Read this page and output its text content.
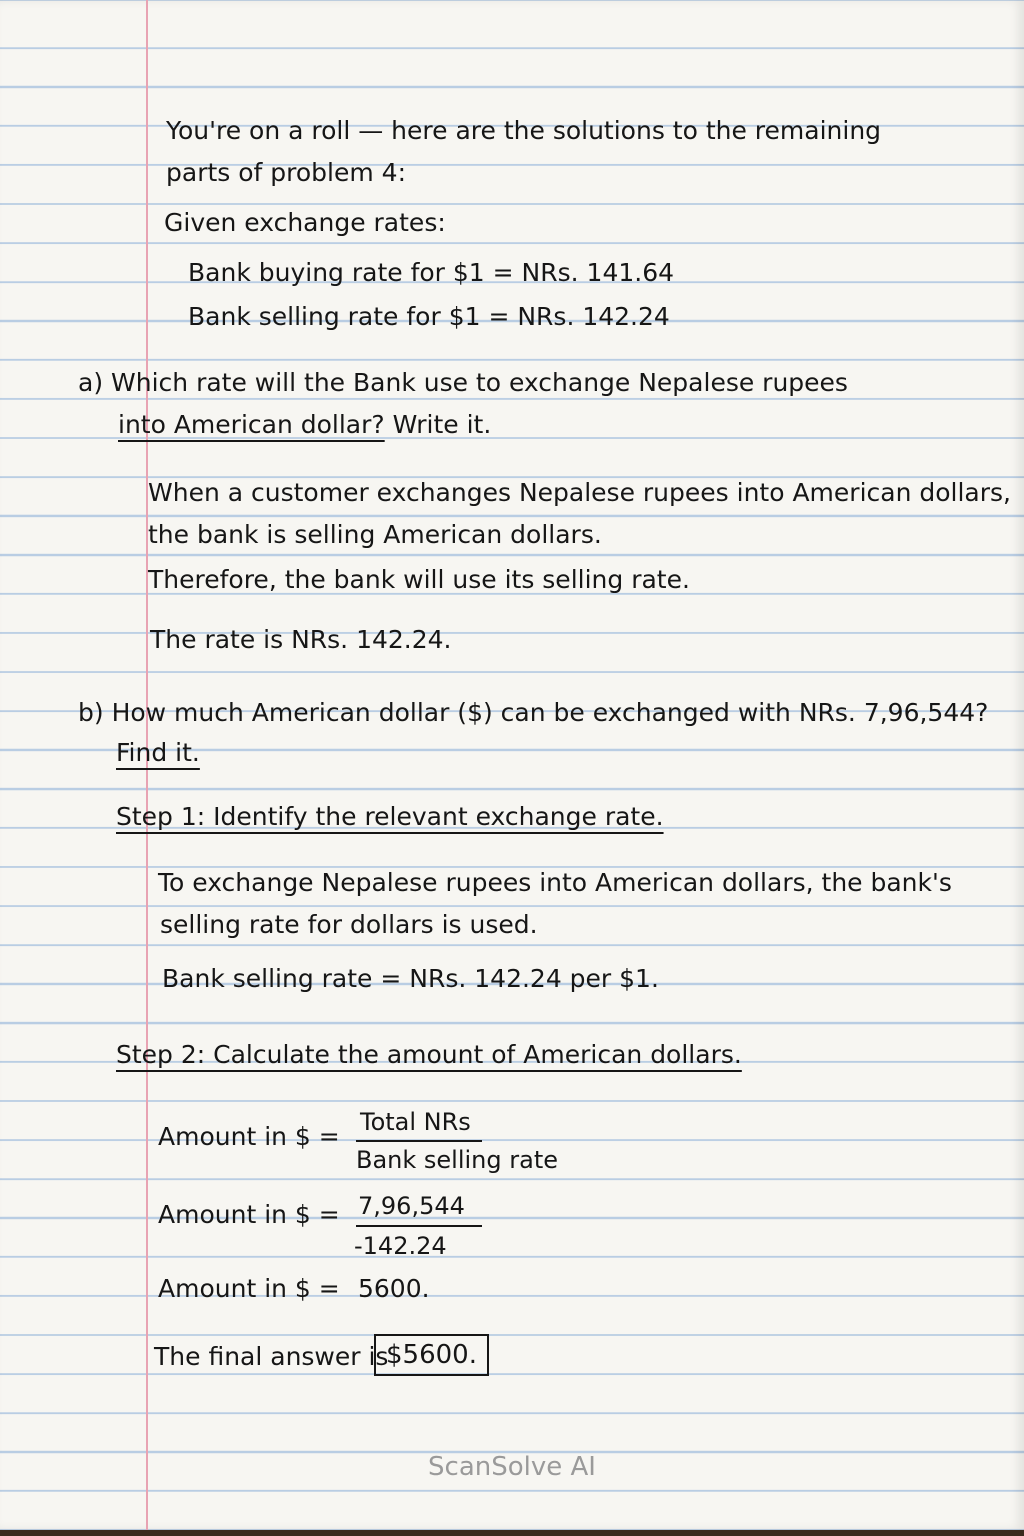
You're on a roll — here are the solutions to the remaining
parts of problem 4:
Given exchange rates:
Bank buying rate for $1 = NRs. 141.64
Bank selling rate for $1 = NRs. 142.24
a) Which rate will the Bank use to exchange Nepalese rupees
into American dollar? Write it.
When a customer exchanges Nepalese rupees into American dollars,
the bank is selling American dollars.
Therefore, the bank will use its selling rate.
The rate is NRs. 142.24.
b) How much American dollar ($) can be exchanged with NRs. 7,96,544?
Find it.
Step 1: Identify the relevant exchange rate.
To exchange Nepalese rupees into American dollars, the bank's
selling rate for dollars is used.
Bank selling rate = NRs. 142.24 per $1.
Step 2: Calculate the amount of American dollars.
Amount in $ = Total NRs
Bank selling rate
Amount in $ = 7,96,544
-142.24
Amount in $ = 5600.
The final answer is
$5600.
ScanSolve AI
